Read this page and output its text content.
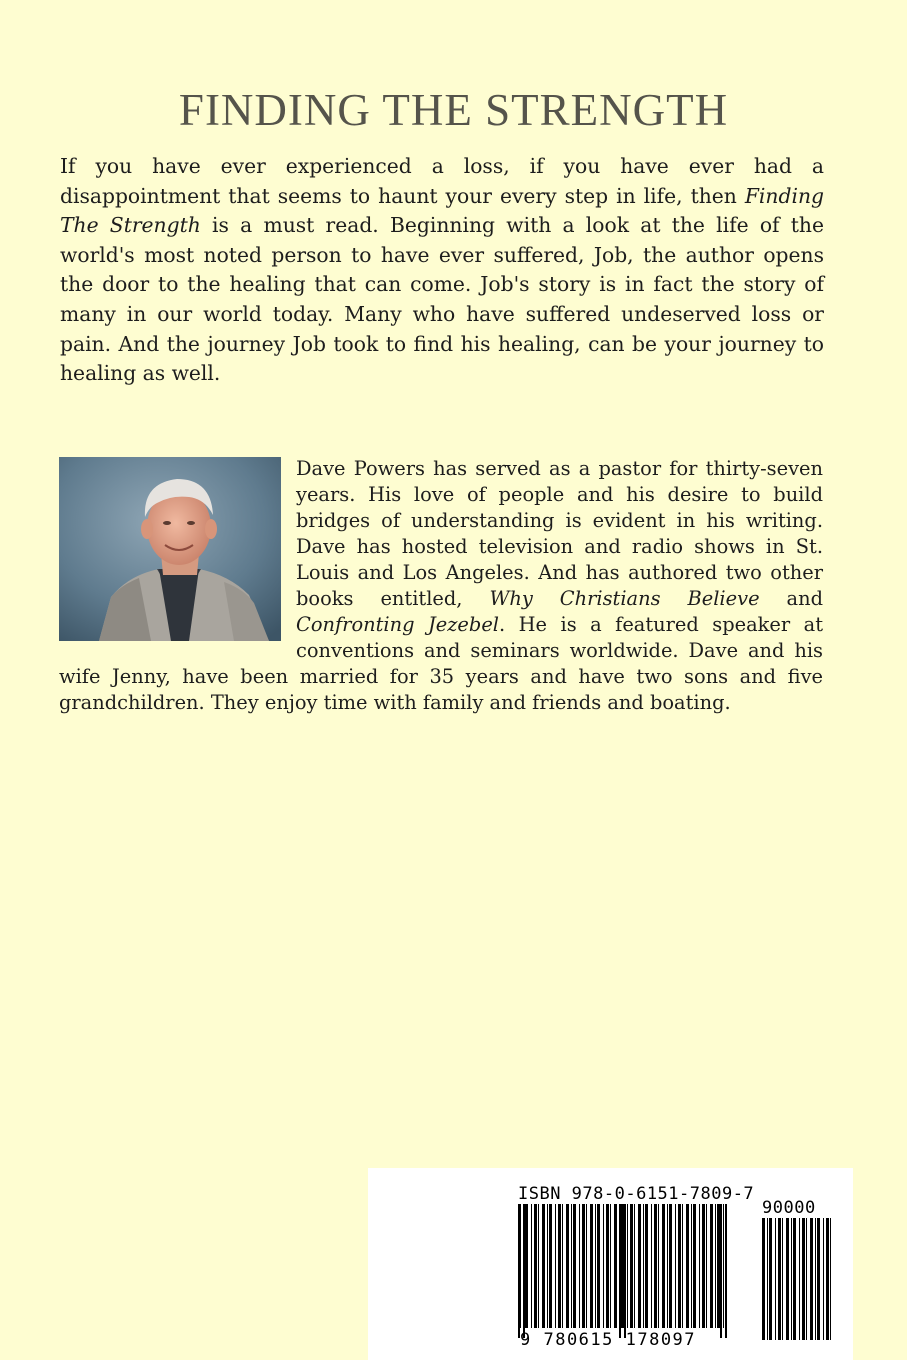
FINDING THE STRENGTH

If you have ever experienced a loss, if you have ever had a disappointment that seems to haunt your every step in life, then Finding The Strength is a must read. Beginning with a look at the life of the world's most noted person to have ever suffered, Job, the author opens the door to the healing that can come. Job's story is in fact the story of many in our world today. Many who have suffered undeserved loss or pain. And the journey Job took to find his healing, can be your journey to healing as well.

Dave Powers has served as a pastor for thirty-seven years. His love of people and his desire to build bridges of understanding is evident in his writing. Dave has hosted television and radio shows in St. Louis and Los Angeles. And has authored two other books entitled, Why Christians Believe and Confronting Jezebel. He is a featured speaker at conventions and seminars worldwide. Dave and his wife Jenny, have been married for 35 years and have two sons and five grandchildren. They enjoy time with family and friends and boating.

ISBN 978-0-6151-7809-7
90000
9 780615 178097
